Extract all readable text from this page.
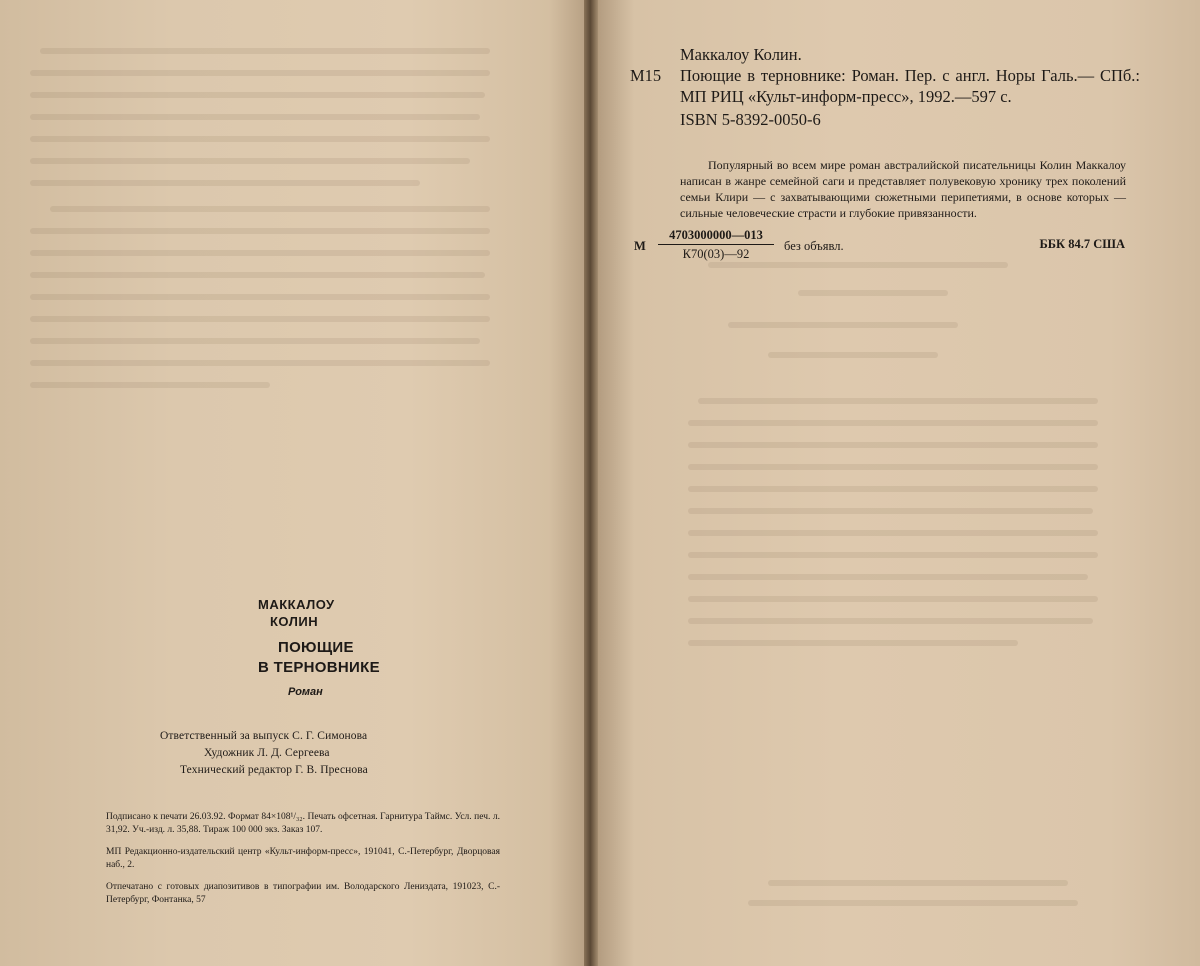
МАККАЛОУ
КОЛИН
ПОЮЩИЕ
В ТЕРНОВНИКЕ
Роман
Ответственный за выпуск С. Г. Симонова
Художник Л. Д. Сергеева
Технический редактор Г. В. Преснова

Подписано к печати 26.03.92. Формат 84×108¹/₃₂. Печать офсетная. Гарнитура Таймс. Усл. печ. л. 31,92. Уч.-изд. л. 35,88. Тираж 100 000 экз. Заказ 107.

МП Редакционно-издательский центр «Культ-информ-пресс», 191041, С.-Петербург, Дворцовая наб., 2.

Отпечатано с готовых диапозитивов в типографии им. Володарского Лениздата, 191023, С.-Петербург, Фонтанка, 57

Маккалоу Колин.
М15	Поющие в терновнике: Роман. Пер. с англ. Норы Галь.— СПб.: МП РИЦ «Культ-информ-пресс», 1992.—597 с.
ISBN 5-8392-0050-6
Популярный во всем мире роман австралийской писательницы Колин Маккалоу написан в жанре семейной саги и представляет полувековую хронику трех поколений семьи Клири — с захватывающими сюжетными перипетиями, в основе которых — сильные человеческие страсти и глубокие привязанности.
М
4703000000—013
К70(03)—92
без объявл.	ББК 84.7 США
